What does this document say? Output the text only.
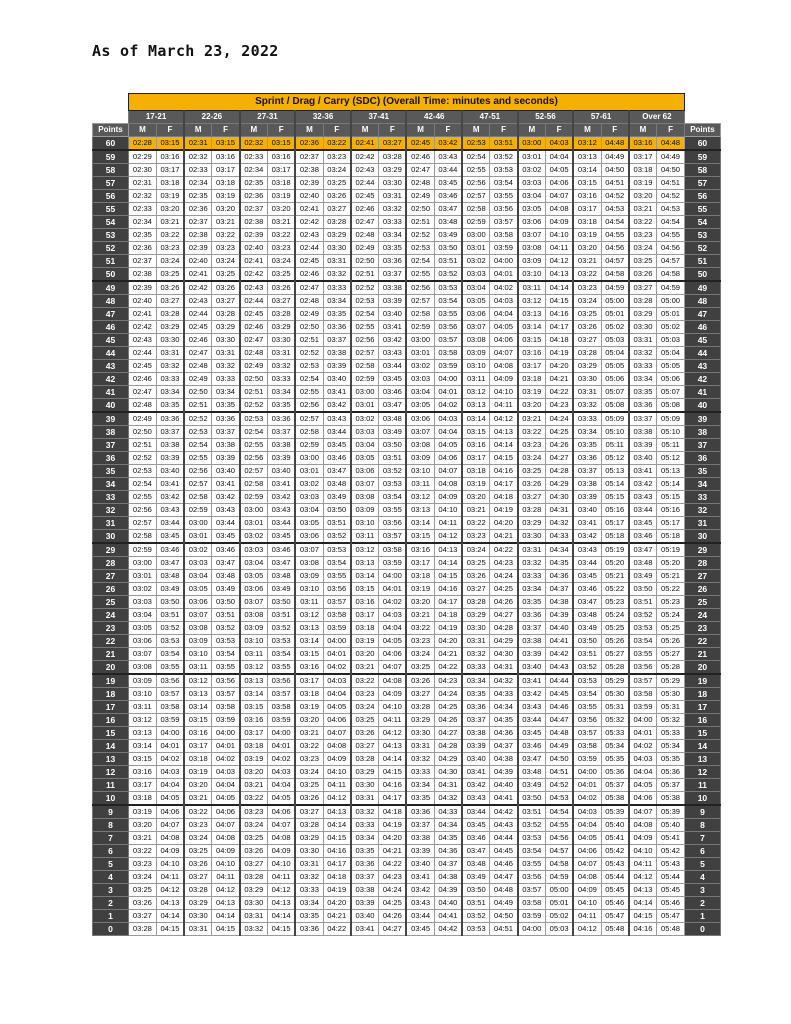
As of March 23, 2022
	Sprint / Drag / Carry (SDC) (Overall Time: minutes and seconds)																				
	17-21		22-26		27-31		32-36		37-41		42-46		47-51		52-56		57-61		Over 62		
Points	M	F	M	F	M	F	M	F	M	F	M	F	M	F	M	F	M	F	M	F	Points
60	02:28	03:15	02:31	03:15	02:32	03:15	02:36	03:22	02:41	03:27	02:45	03:42	02:53	03:51	03:00	04:03	03:12	04:48	03:16	04:48	60
59	02:29	03:16	02:32	03:16	02:33	03:16	02:37	03:23	02:42	03:28	02:46	03:43	02:54	03:52	03:01	04:04	03:13	04:49	03:17	04:49	59
58	02:30	03:17	02:33	03:17	02:34	03:17	02:38	03:24	02:43	03:29	02:47	03:44	02:55	03:53	03:02	04:05	03:14	04:50	03:18	04:50	58
57	02:31	03:18	02:34	03:18	02:35	03:18	02:39	03:25	02:44	03:30	02:48	03:45	02:56	03:54	03:03	04:06	03:15	04:51	03:19	04:51	57
56	02:32	03:19	02:35	03:19	02:36	03:19	02:40	03:26	02:45	03:31	02:49	03:46	02:57	03:55	03:04	04:07	03:16	04:52	03:20	04:52	56
55	02:33	03:20	02:36	03:20	02:37	03:20	02:41	03:27	02:46	03:32	02:50	03:47	02:58	03:56	03:05	04:08	03:17	04:53	03:21	04:53	55
54	02:34	03:21	02:37	03:21	02:38	03:21	02:42	03:28	02:47	03:33	02:51	03:48	02:59	03:57	03:06	04:09	03:18	04:54	03:22	04:54	54
53	02:35	03:22	02:38	03:22	02:39	03:22	02:43	03:29	02:48	03:34	02:52	03:49	03:00	03:58	03:07	04:10	03:19	04:55	03:23	04:55	53
52	02:36	03:23	02:39	03:23	02:40	03:23	02:44	03:30	02:49	03:35	02:53	03:50	03:01	03:59	03:08	04:11	03:20	04:56	03:24	04:56	52
51	02:37	03:24	02:40	03:24	02:41	03:24	02:45	03:31	02:50	03:36	02:54	03:51	03:02	04:00	03:09	04:12	03:21	04:57	03:25	04:57	51
50	02:38	03:25	02:41	03:25	02:42	03:25	02:46	03:32	02:51	03:37	02:55	03:52	03:03	04:01	03:10	04:13	03:22	04:58	03:26	04:58	50
49	02:39	03:26	02:42	03:26	02:43	03:26	02:47	03:33	02:52	03:38	02:56	03:53	03:04	04:02	03:11	04:14	03:23	04:59	03:27	04:59	49
48	02:40	03:27	02:43	03:27	02:44	03:27	02:48	03:34	02:53	03:39	02:57	03:54	03:05	04:03	03:12	04:15	03:24	05:00	03:28	05:00	48
47	02:41	03:28	02:44	03:28	02:45	03:28	02:49	03:35	02:54	03:40	02:58	03:55	03:06	04:04	03:13	04:16	03:25	05:01	03:29	05:01	47
46	02:42	03:29	02:45	03:29	02:46	03:29	02:50	03:36	02:55	03:41	02:59	03:56	03:07	04:05	03:14	04:17	03:26	05:02	03:30	05:02	46
45	02:43	03:30	02:46	03:30	02:47	03:30	02:51	03:37	02:56	03:42	03:00	03:57	03:08	04:06	03:15	04:18	03:27	05:03	03:31	05:03	45
44	02:44	03:31	02:47	03:31	02:48	03:31	02:52	03:38	02:57	03:43	03:01	03:58	03:09	04:07	03:16	04:19	03:28	05:04	03:32	05:04	44
43	02:45	03:32	02:48	03:32	02:49	03:32	02:53	03:39	02:58	03:44	03:02	03:59	03:10	04:08	03:17	04:20	03:29	05:05	03:33	05:05	43
42	02:46	03:33	02:49	03:33	02:50	03:33	02:54	03:40	02:59	03:45	03:03	04:00	03:11	04:09	03:18	04:21	03:30	05:06	03:34	05:06	42
41	02:47	03:34	02:50	03:34	02:51	03:34	02:55	03:41	03:00	03:46	03:04	04:01	03:12	04:10	03:19	04:22	03:31	05:07	03:35	05:07	41
40	02:48	03:35	02:51	03:35	02:52	03:35	02:56	03:42	03:01	03:47	03:05	04:02	03:13	04:11	03:20	04:23	03:32	05:08	03:36	05:08	40
39	02:49	03:36	02:52	03:36	02:53	03:36	02:57	03:43	03:02	03:48	03:06	04:03	03:14	04:12	03:21	04:24	03:33	05:09	03:37	05:09	39
38	02:50	03:37	02:53	03:37	02:54	03:37	02:58	03:44	03:03	03:49	03:07	04:04	03:15	04:13	03:22	04:25	03:34	05:10	03:38	05:10	38
37	02:51	03:38	02:54	03:38	02:55	03:38	02:59	03:45	03:04	03:50	03:08	04:05	03:16	04:14	03:23	04:26	03:35	05:11	03:39	05:11	37
36	02:52	03:39	02:55	03:39	02:56	03:39	03:00	03:46	03:05	03:51	03:09	04:06	03:17	04:15	03:24	04:27	03:36	05:12	03:40	05:12	36
35	02:53	03:40	02:56	03:40	02:57	03:40	03:01	03:47	03:06	03:52	03:10	04:07	03:18	04:16	03:25	04:28	03:37	05:13	03:41	05:13	35
34	02:54	03:41	02:57	03:41	02:58	03:41	03:02	03:48	03:07	03:53	03:11	04:08	03:19	04:17	03:26	04:29	03:38	05:14	03:42	05:14	34
33	02:55	03:42	02:58	03:42	02:59	03:42	03:03	03:49	03:08	03:54	03:12	04:09	03:20	04:18	03:27	04:30	03:39	05:15	03:43	05:15	33
32	02:56	03:43	02:59	03:43	03:00	03:43	03:04	03:50	03:09	03:55	03:13	04:10	03:21	04:19	03:28	04:31	03:40	05:16	03:44	05:16	32
31	02:57	03:44	03:00	03:44	03:01	03:44	03:05	03:51	03:10	03:56	03:14	04:11	03:22	04:20	03:29	04:32	03:41	05:17	03:45	05:17	31
30	02:58	03:45	03:01	03:45	03:02	03:45	03:06	03:52	03:11	03:57	03:15	04:12	03:23	04:21	03:30	04:33	03:42	05:18	03:46	05:18	30
29	02:59	03:46	03:02	03:46	03:03	03:46	03:07	03:53	03:12	03:58	03:16	04:13	03:24	04:22	03:31	04:34	03:43	05:19	03:47	05:19	29
28	03:00	03:47	03:03	03:47	03:04	03:47	03:08	03:54	03:13	03:59	03:17	04:14	03:25	04:23	03:32	04:35	03:44	05:20	03:48	05:20	28
27	03:01	03:48	03:04	03:48	03:05	03:48	03:09	03:55	03:14	04:00	03:18	04:15	03:26	04:24	03:33	04:36	03:45	05:21	03:49	05:21	27
26	03:02	03:49	03:05	03:49	03:06	03:49	03:10	03:56	03:15	04:01	03:19	04:16	03:27	04:25	03:34	04:37	03:46	05:22	03:50	05:22	26
25	03:03	03:50	03:06	03:50	03:07	03:50	03:11	03:57	03:16	04:02	03:20	04:17	03:28	04:26	03:35	04:38	03:47	05:23	03:51	05:23	25
24	03:04	03:51	03:07	03:51	03:08	03:51	03:12	03:58	03:17	04:03	03:21	04:18	03:29	04:27	03:36	04:39	03:48	05:24	03:52	05:24	24
23	03:05	03:52	03:08	03:52	03:09	03:52	03:13	03:59	03:18	04:04	03:22	04:19	03:30	04:28	03:37	04:40	03:49	05:25	03:53	05:25	23
22	03:06	03:53	03:09	03:53	03:10	03:53	03:14	04:00	03:19	04:05	03:23	04:20	03:31	04:29	03:38	04:41	03:50	05:26	03:54	05:26	22
21	03:07	03:54	03:10	03:54	03:11	03:54	03:15	04:01	03:20	04:06	03:24	04:21	03:32	04:30	03:39	04:42	03:51	05:27	03:55	05:27	21
20	03:08	03:55	03:11	03:55	03:12	03:55	03:16	04:02	03:21	04:07	03:25	04:22	03:33	04:31	03:40	04:43	03:52	05:28	03:56	05:28	20
19	03:09	03:56	03:12	03:56	03:13	03:56	03:17	04:03	03:22	04:08	03:26	04:23	03:34	04:32	03:41	04:44	03:53	05:29	03:57	05:29	19
18	03:10	03:57	03:13	03:57	03:14	03:57	03:18	04:04	03:23	04:09	03:27	04:24	03:35	04:33	03:42	04:45	03:54	05:30	03:58	05:30	18
17	03:11	03:58	03:14	03:58	03:15	03:58	03:19	04:05	03:24	04:10	03:28	04:25	03:36	04:34	03:43	04:46	03:55	05:31	03:59	05:31	17
16	03:12	03:59	03:15	03:59	03:16	03:59	03:20	04:06	03:25	04:11	03:29	04:26	03:37	04:35	03:44	04:47	03:56	05:32	04:00	05:32	16
15	03:13	04:00	03:16	04:00	03:17	04:00	03:21	04:07	03:26	04:12	03:30	04:27	03:38	04:36	03:45	04:48	03:57	05:33	04:01	05:33	15
14	03:14	04:01	03:17	04:01	03:18	04:01	03:22	04:08	03:27	04:13	03:31	04:28	03:39	04:37	03:46	04:49	03:58	05:34	04:02	05:34	14
13	03:15	04:02	03:18	04:02	03:19	04:02	03:23	04:09	03:28	04:14	03:32	04:29	03:40	04:38	03:47	04:50	03:59	05:35	04:03	05:35	13
12	03:16	04:03	03:19	04:03	03:20	04:03	03:24	04:10	03:29	04:15	03:33	04:30	03:41	04:39	03:48	04:51	04:00	05:36	04:04	05:36	12
11	03:17	04:04	03:20	04:04	03:21	04:04	03:25	04:11	03:30	04:16	03:34	04:31	03:42	04:40	03:49	04:52	04:01	05:37	04:05	05:37	11
10	03:18	04:05	03:21	04:05	03:22	04:05	03:26	04:12	03:31	04:17	03:35	04:32	03:43	04:41	03:50	04:53	04:02	05:38	04:06	05:38	10
9	03:19	04:06	03:22	04:06	03:23	04:06	03:27	04:13	03:32	04:18	03:36	04:33	03:44	04:42	03:51	04:54	04:03	05:39	04:07	05:39	9
8	03:20	04:07	03:23	04:07	03:24	04:07	03:28	04:14	03:33	04:19	03:37	04:34	03:45	04:43	03:52	04:55	04:04	05:40	04:08	05:40	8
7	03:21	04:08	03:24	04:08	03:25	04:08	03:29	04:15	03:34	04:20	03:38	04:35	03:46	04:44	03:53	04:56	04:05	05:41	04:09	05:41	7
6	03:22	04:09	03:25	04:09	03:26	04:09	03:30	04:16	03:35	04:21	03:39	04:36	03:47	04:45	03:54	04:57	04:06	05:42	04:10	05:42	6
5	03:23	04:10	03:26	04:10	03:27	04:10	03:31	04:17	03:36	04:22	03:40	04:37	03:48	04:46	03:55	04:58	04:07	05:43	04:11	05:43	5
4	03:24	04:11	03:27	04:11	03:28	04:11	03:32	04:18	03:37	04:23	03:41	04:38	03:49	04:47	03:56	04:59	04:08	05:44	04:12	05:44	4
3	03:25	04:12	03:28	04:12	03:29	04:12	03:33	04:19	03:38	04:24	03:42	04:39	03:50	04:48	03:57	05:00	04:09	05:45	04:13	05:45	3
2	03:26	04:13	03:29	04:13	03:30	04:13	03:34	04:20	03:39	04:25	03:43	04:40	03:51	04:49	03:58	05:01	04:10	05:46	04:14	05:46	2
1	03:27	04:14	03:30	04:14	03:31	04:14	03:35	04:21	03:40	04:26	03:44	04:41	03:52	04:50	03:59	05:02	04:11	05:47	04:15	05:47	1
0	03:28	04:15	03:31	04:15	03:32	04:15	03:36	04:22	03:41	04:27	03:45	04:42	03:53	04:51	04:00	05:03	04:12	05:48	04:16	05:48	0
